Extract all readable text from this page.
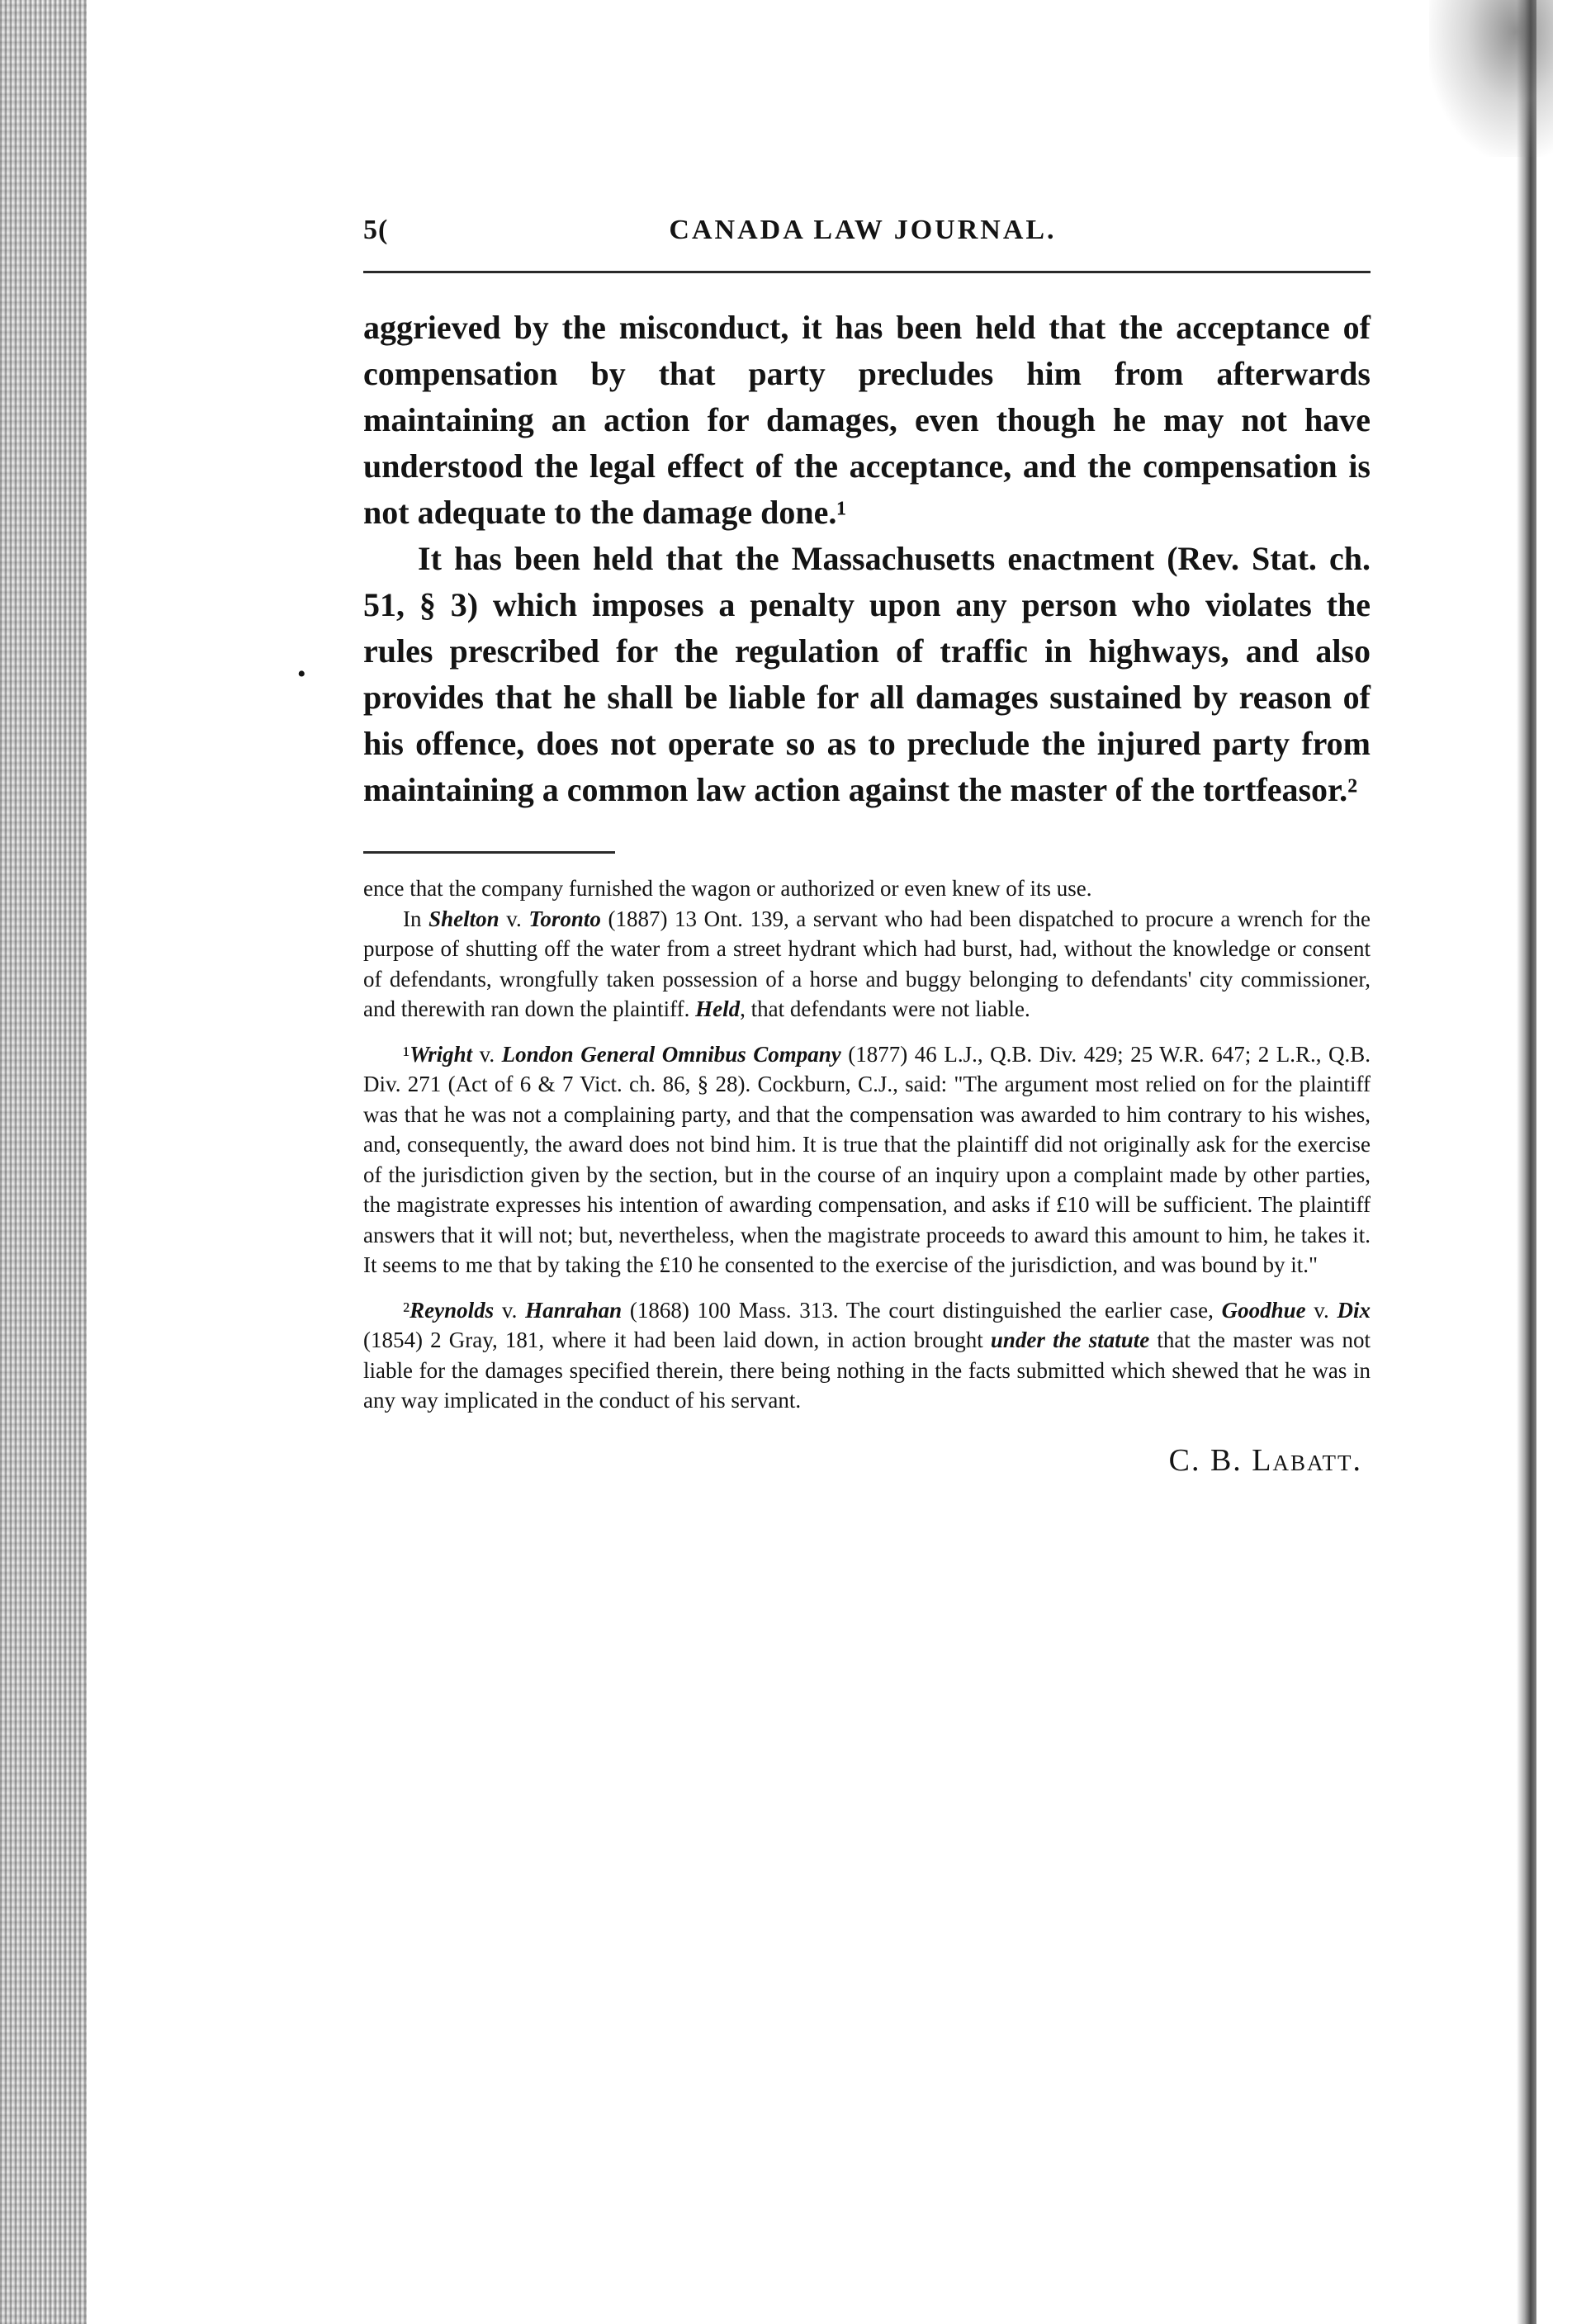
5(	CANADA LAW JOURNAL.
•

aggrieved by the misconduct, it has been held that the acceptance of compensation by that party precludes him from afterwards maintaining an action for damages, even though he may not have understood the legal effect of the acceptance, and the compensation is not adequate to the damage done.¹

It has been held that the Massachusetts enactment (Rev. Stat. ch. 51, § 3) which imposes a penalty upon any person who violates the rules prescribed for the regulation of traffic in highways, and also provides that he shall be liable for all damages sustained by reason of his offence, does not operate so as to preclude the injured party from maintaining a common law action against the master of the tortfeasor.²

ence that the company furnished the wagon or authorized or even knew of its use.

In Shelton v. Toronto (1887) 13 Ont. 139, a servant who had been dispatched to procure a wrench for the purpose of shutting off the water from a street hydrant which had burst, had, without the knowledge or consent of defendants, wrongfully taken possession of a horse and buggy belonging to defendants' city commissioner, and therewith ran down the plaintiff. Held, that defendants were not liable.

¹Wright v. London General Omnibus Company (1877) 46 L.J., Q.B. Div. 429; 25 W.R. 647; 2 L.R., Q.B. Div. 271 (Act of 6 & 7 Vict. ch. 86, § 28). Cockburn, C.J., said: "The argument most relied on for the plaintiff was that he was not a complaining party, and that the compensation was awarded to him contrary to his wishes, and, consequently, the award does not bind him. It is true that the plaintiff did not originally ask for the exercise of the jurisdiction given by the section, but in the course of an inquiry upon a complaint made by other parties, the magistrate expresses his intention of awarding compensation, and asks if £10 will be sufficient. The plaintiff answers that it will not; but, nevertheless, when the magistrate proceeds to award this amount to him, he takes it. It seems to me that by taking the £10 he consented to the exercise of the jurisdiction, and was bound by it."

²Reynolds v. Hanrahan (1868) 100 Mass. 313. The court distinguished the earlier case, Goodhue v. Dix (1854) 2 Gray, 181, where it had been laid down, in action brought under the statute that the master was not liable for the damages specified therein, there being nothing in the facts submitted which shewed that he was in any way implicated in the conduct of his servant.

C. B. Labatt.
